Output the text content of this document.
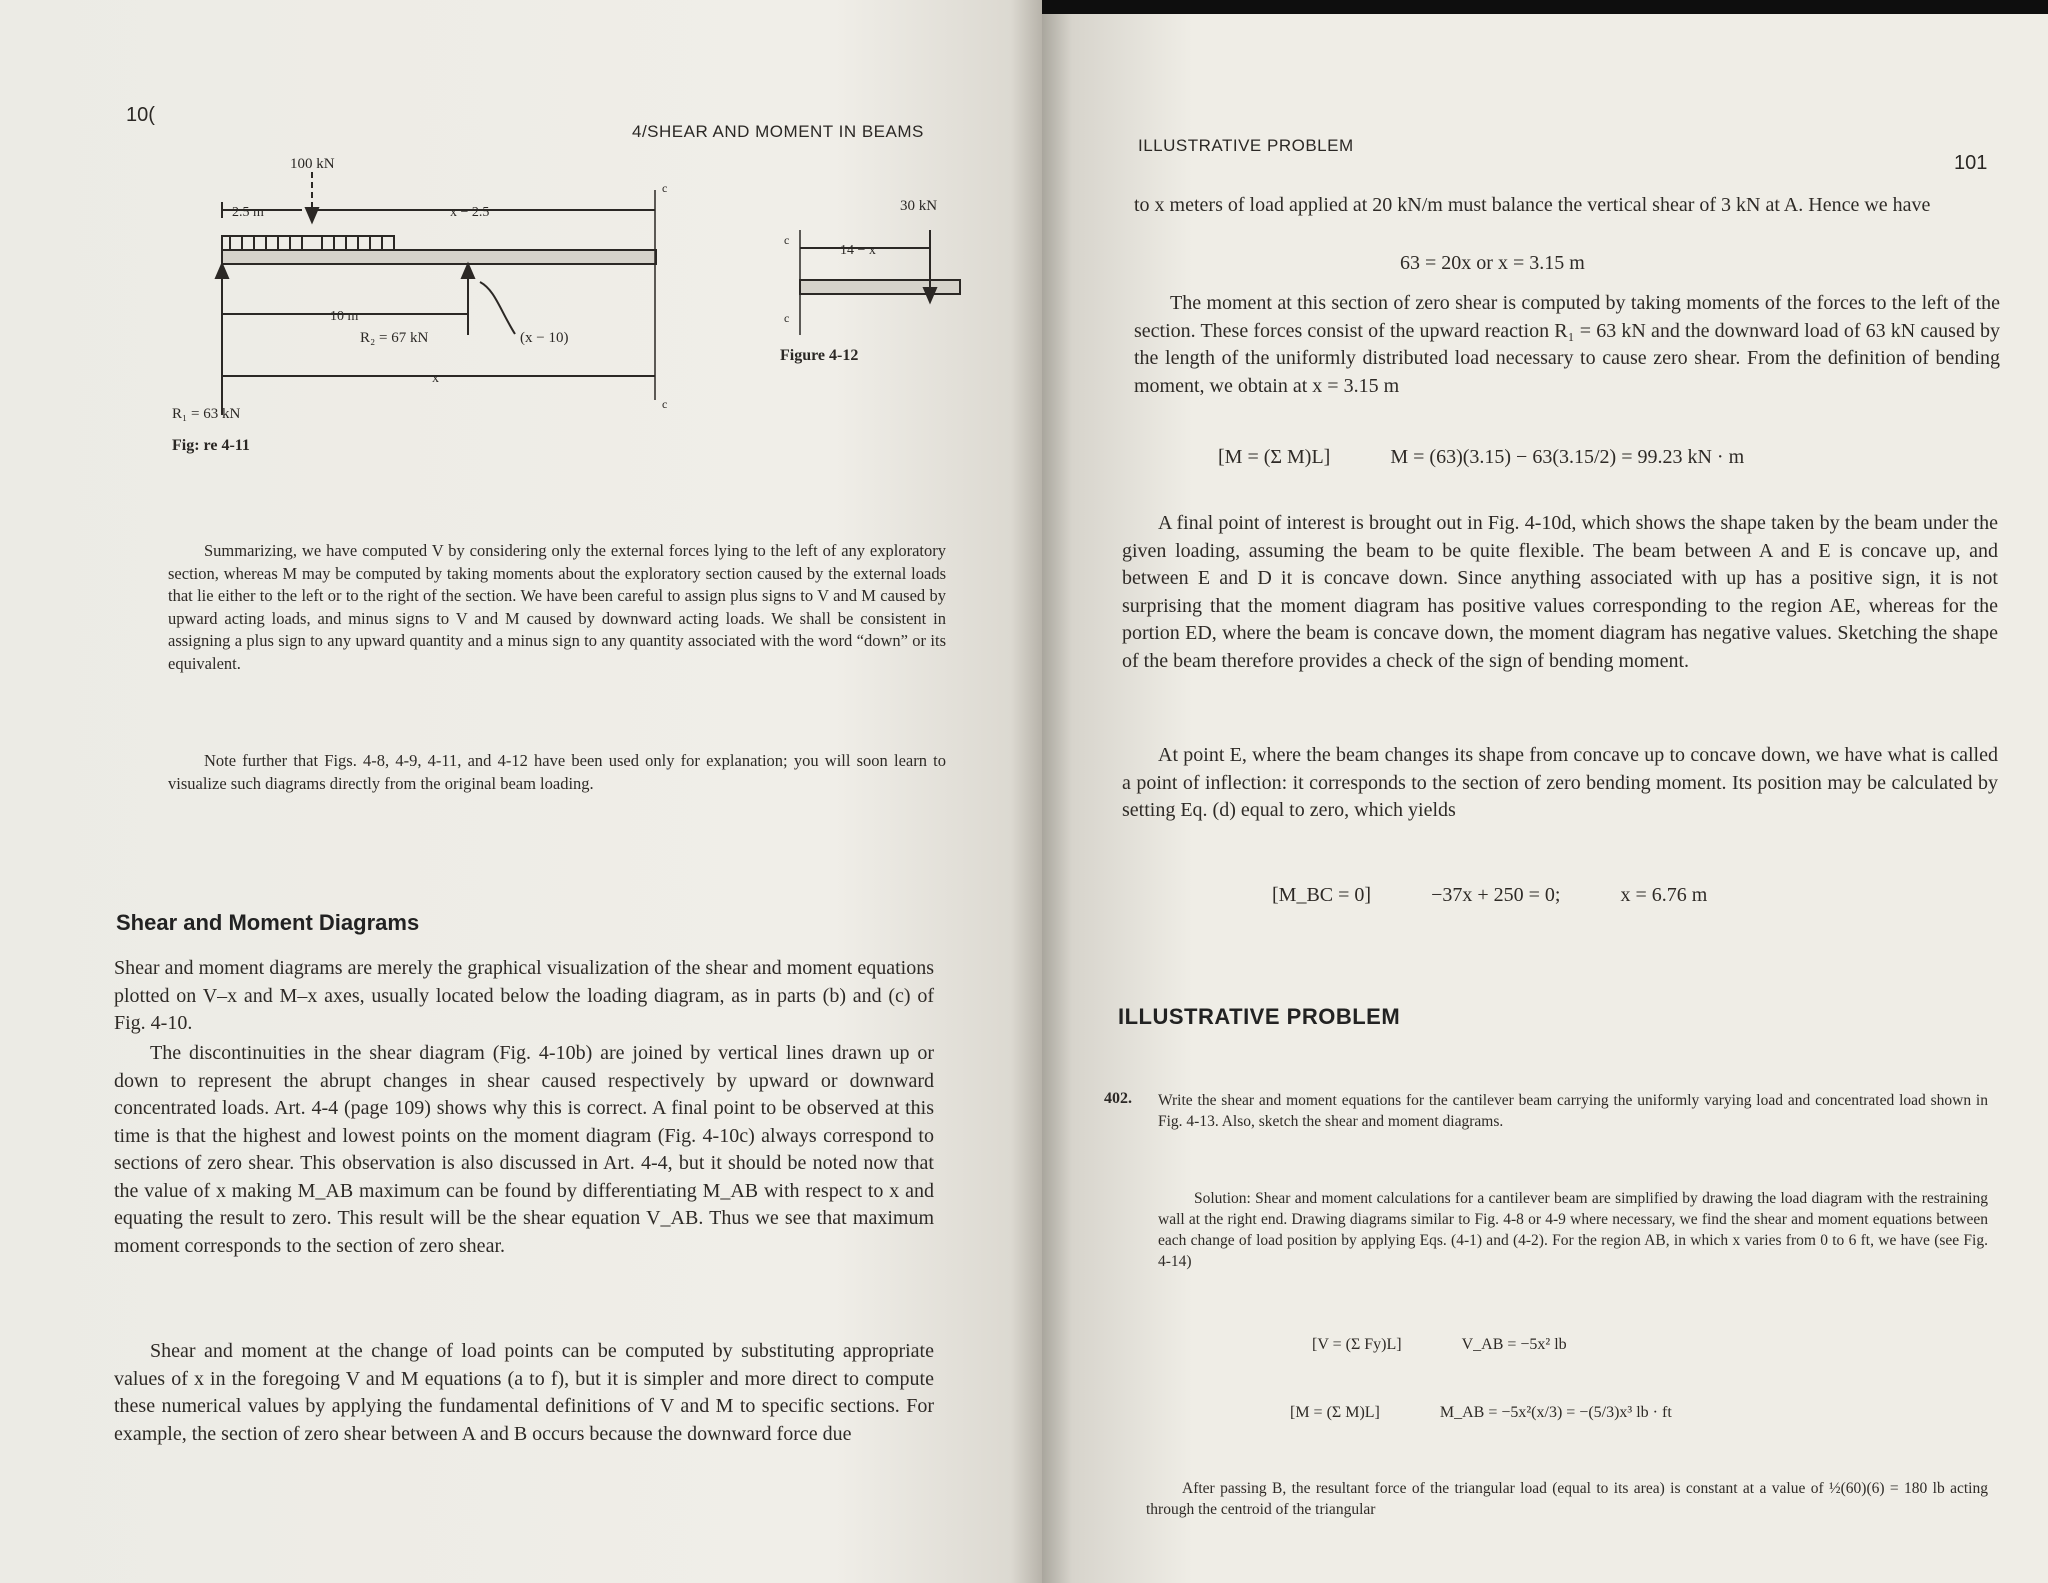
10(
4/SHEAR AND MOMENT IN BEAMS
100 kN
2.5 m	x − 2.5
10 m
x
R₂ = 67 kN	(x − 10)
c
c
R₁ = 63 kN
Fig: re 4-11
30 kN
14 − x
c
c
Figure 4-12
Summarizing, we have computed V by considering only the external forces lying to the left of any exploratory section, whereas M may be computed by taking moments about the exploratory section caused by the external loads that lie either to the left or to the right of the section. We have been careful to assign plus signs to V and M caused by upward acting loads, and minus signs to V and M caused by downward acting loads. We shall be consistent in assigning a plus sign to any upward quantity and a minus sign to any quantity associated with the word “down” or its equivalent.
Note further that Figs. 4-8, 4-9, 4-11, and 4-12 have been used only for explanation; you will soon learn to visualize such diagrams directly from the original beam loading.
Shear and Moment Diagrams
Shear and moment diagrams are merely the graphical visualization of the shear and moment equations plotted on V–x and M–x axes, usually located below the loading diagram, as in parts (b) and (c) of Fig. 4-10.
The discontinuities in the shear diagram (Fig. 4-10b) are joined by vertical lines drawn up or down to represent the abrupt changes in shear caused respectively by upward or downward concentrated loads. Art. 4-4 (page 109) shows why this is correct. A final point to be observed at this time is that the highest and lowest points on the moment diagram (Fig. 4-10c) always correspond to sections of zero shear. This observation is also discussed in Art. 4-4, but it should be noted now that the value of x making M_AB maximum can be found by differentiating M_AB with respect to x and equating the result to zero. This result will be the shear equation V_AB. Thus we see that maximum moment corresponds to the section of zero shear.
Shear and moment at the change of load points can be computed by substituting appropriate values of x in the foregoing V and M equations (a to f), but it is simpler and more direct to compute these numerical values by applying the fundamental definitions of V and M to specific sections. For example, the section of zero shear between A and B occurs because the downward force due
ILLUSTRATIVE PROBLEM
101
to x meters of load applied at 20 kN/m must balance the vertical shear of 3 kN at A. Hence we have
63 = 20x or x = 3.15 m
The moment at this section of zero shear is computed by taking moments of the forces to the left of the section. These forces consist of the upward reaction R₁ = 63 kN and the downward load of 63 kN caused by the length of the uniformly distributed load necessary to cause zero shear. From the definition of bending moment, we obtain at x = 3.15 m
[M = (Σ M)L]	M = (63)(3.15) − 63(3.15/2) = 99.23 kN · m
A final point of interest is brought out in Fig. 4-10d, which shows the shape taken by the beam under the given loading, assuming the beam to be quite flexible. The beam between A and E is concave up, and between E and D it is concave down. Since anything associated with up has a positive sign, it is not surprising that the moment diagram has positive values corresponding to the region AE, whereas for the portion ED, where the beam is concave down, the moment diagram has negative values. Sketching the shape of the beam therefore provides a check of the sign of bending moment.
At point E, where the beam changes its shape from concave up to concave down, we have what is called a point of inflection: it corresponds to the section of zero bending moment. Its position may be calculated by setting Eq. (d) equal to zero, which yields
[M_BC = 0]	−37x + 250 = 0;	x = 6.76 m
ILLUSTRATIVE PROBLEM
402. Write the shear and moment equations for the cantilever beam carrying the uniformly varying load and concentrated load shown in Fig. 4-13. Also, sketch the shear and moment diagrams.
Solution: Shear and moment calculations for a cantilever beam are simplified by drawing the load diagram with the restraining wall at the right end. Drawing diagrams similar to Fig. 4-8 or 4-9 where necessary, we find the shear and moment equations between each change of load position by applying Eqs. (4-1) and (4-2). For the region AB, in which x varies from 0 to 6 ft, we have (see Fig. 4-14)
[V = (Σ Fy)L]	V_AB = −5x² lb
[M = (Σ M)L]	M_AB = −5x²(x/3) = −(5/3)x³ lb · ft
After passing B, the resultant force of the triangular load (equal to its area) is constant at a value of ½(60)(6) = 180 lb acting through the centroid of the triangular
